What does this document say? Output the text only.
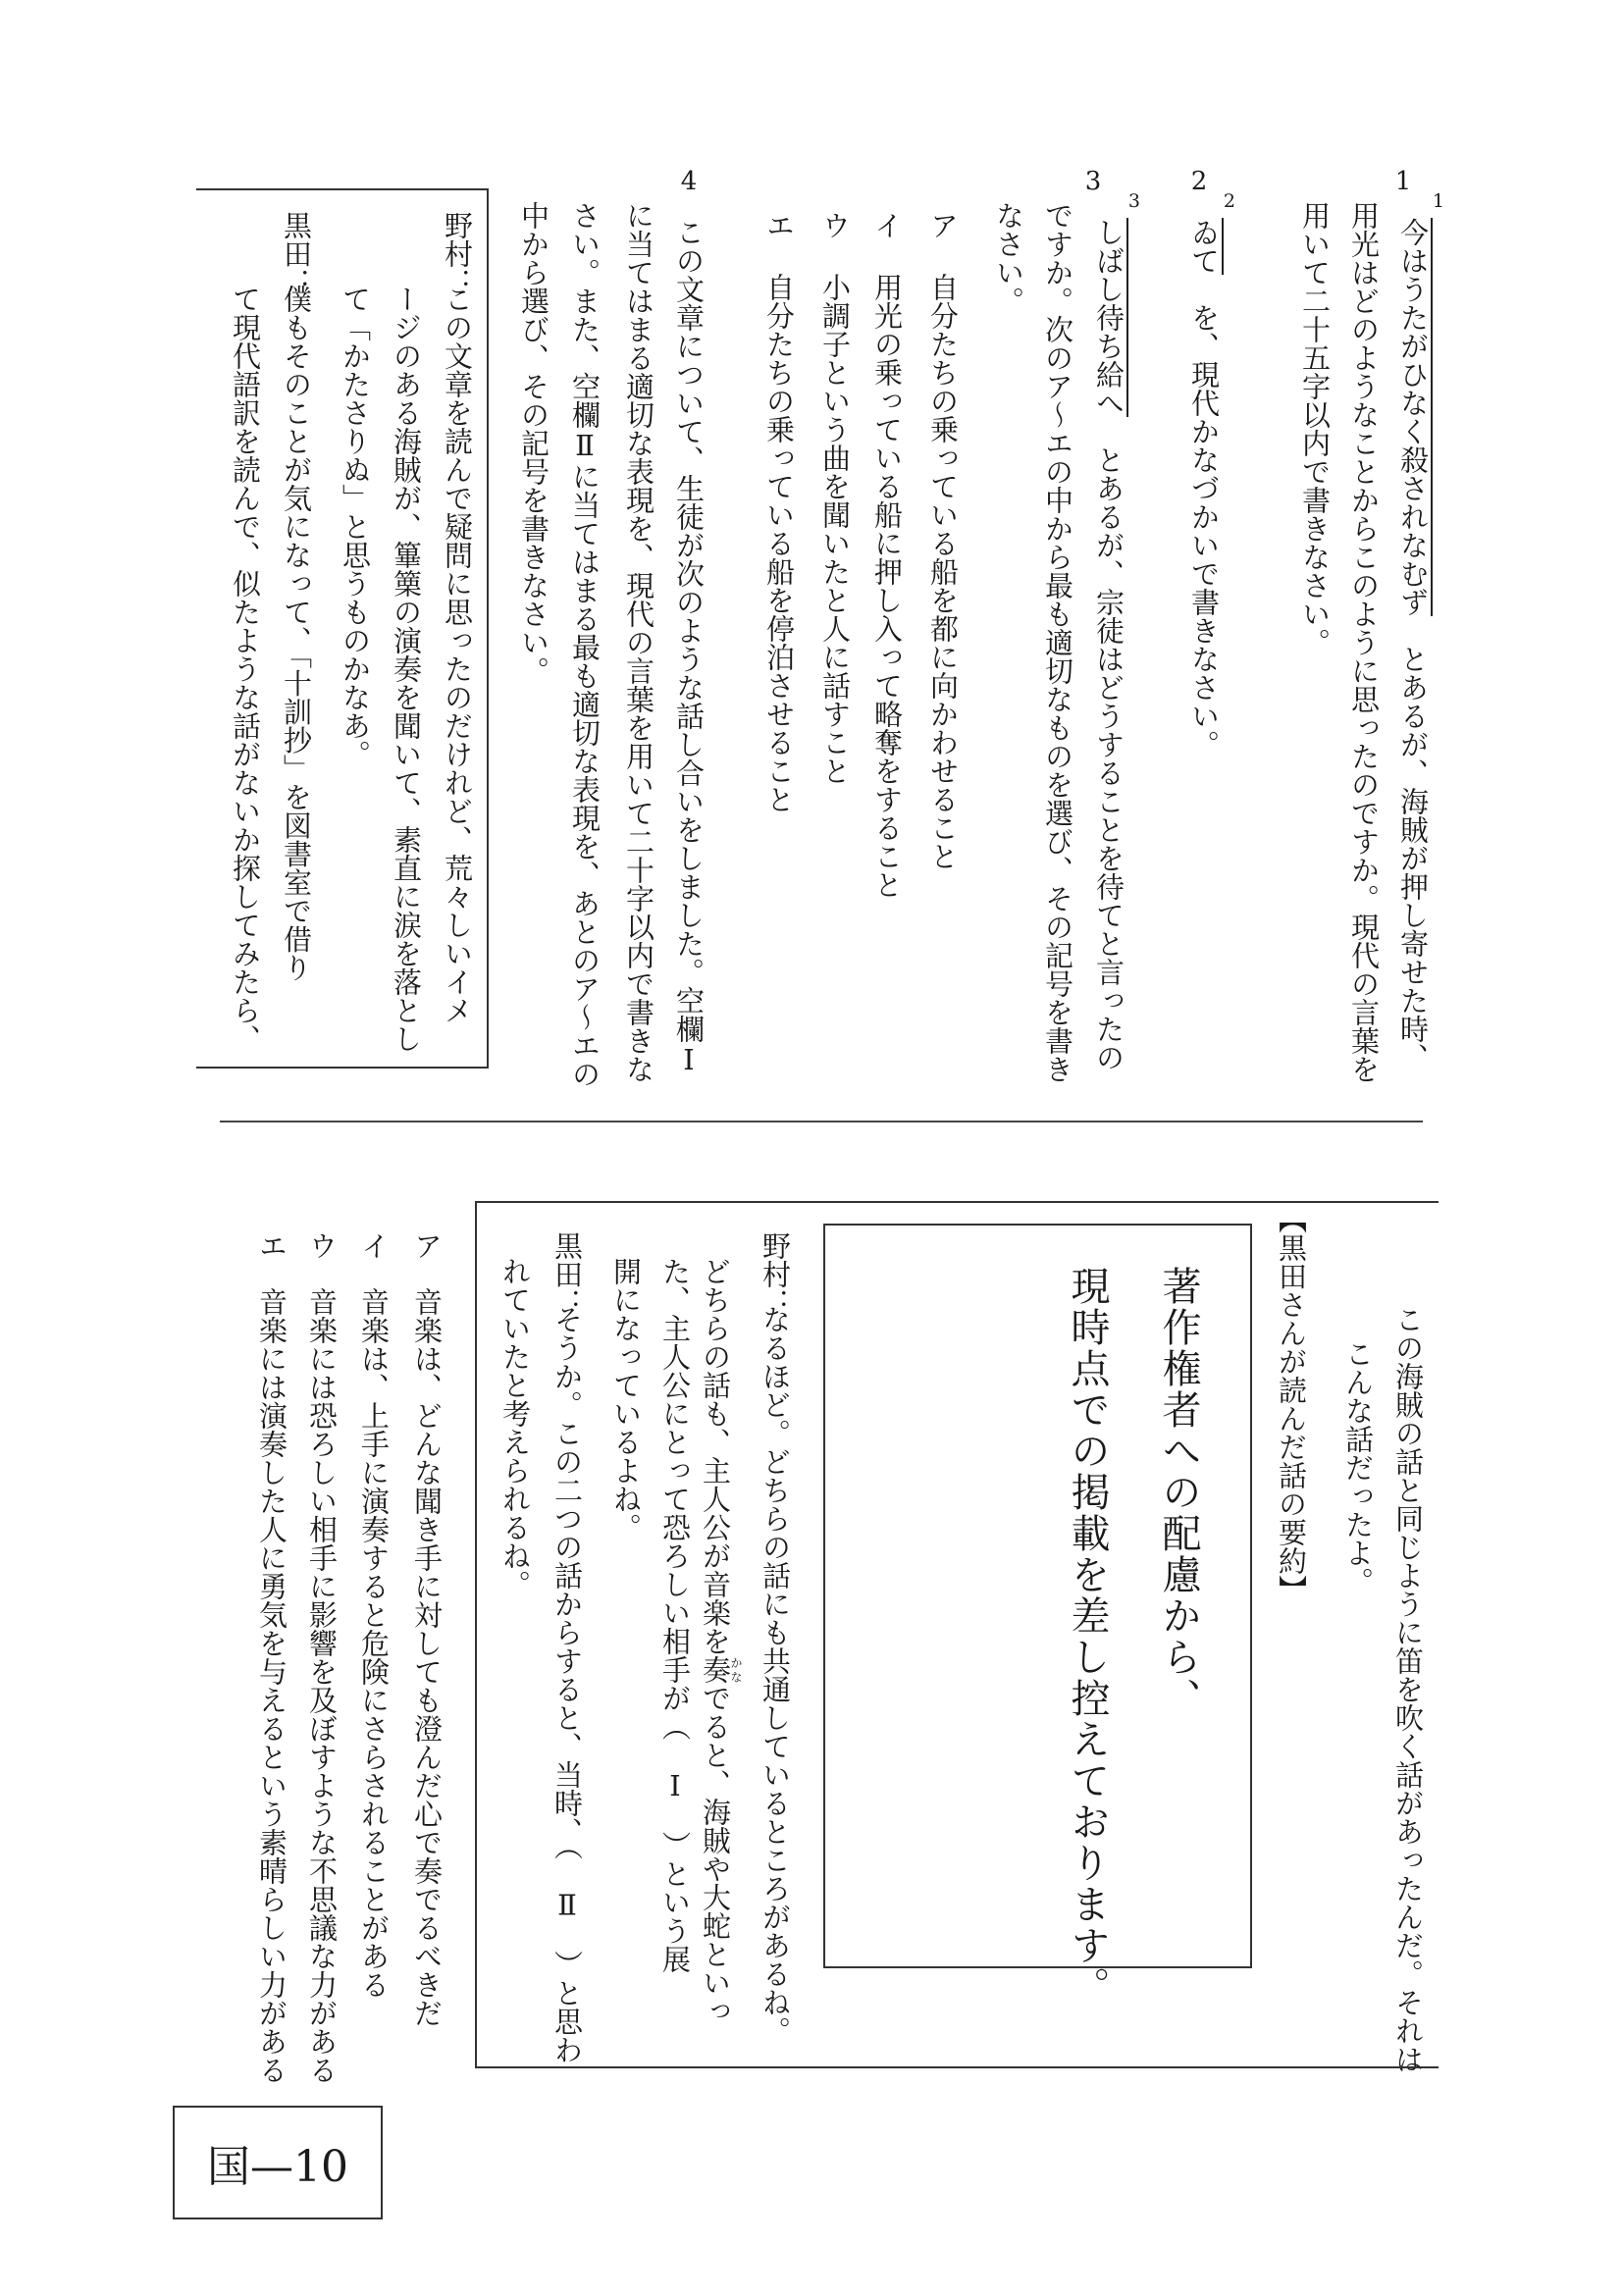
1
1
今はうたがひなく殺されなむず　とあるが、海賊が押し寄せた時、
用光はどのようなことからこのように思ったのですか。現代の言葉を
用いて二十五字以内で書きなさい。
2
2
ゐて　を、現代かなづかいで書きなさい。
3
3
しばし待ち給へ　とあるが、宗徒はどうすることを待てと言ったの
ですか。次のア～エの中から最も適切なものを選び、その記号を書き
なさい。
ア
自分たちの乗っている船を都に向かわせること
イ
用光の乗っている船に押し入って略奪をすること
ウ
小調子という曲を聞いたと人に話すこと
エ
自分たちの乗っている船を停泊させること
4
この文章について、生徒が次のような話し合いをしました。空欄Ⅰ
に当てはまる適切な表現を、現代の言葉を用いて二十字以内で書きな
さい。また、空欄Ⅱに当てはまる最も適切な表現を、あとのア～エの
中から選び、その記号を書きなさい。
野村：
この文章を読んで疑問に思ったのだけれど、荒々しいイメ
ージのある海賊が、篳篥の演奏を聞いて、素直に涙を落とし
て「かたさりぬ」と思うものかなあ。
黒田：
僕もそのことが気になって、「十訓抄」を図書室で借り
て現代語訳を読んで、似たような話がないか探してみたら、
この海賊の話と同じように笛を吹く話があったんだ。それは
こんな話だったよ。
【黒田さんが読んだ話の要約】
著作権者への配慮から、
現時点での掲載を差し控えております。
野村：
なるほど。どちらの話にも共通しているところがあるね。
どちらの話も、主人公が音楽を奏かなでると、海賊や大蛇といっ
た、主人公にとって恐ろしい相手が（　Ⅰ　）という展
開になっているよね。
黒田：
そうか。この二つの話からすると、当時、（　Ⅱ　）と思わ
れていたと考えられるね。
ア
音楽は、どんな聞き手に対しても澄んだ心で奏でるべきだ
イ
音楽は、上手に演奏すると危険にさらされることがある
ウ
音楽には恐ろしい相手に影響を及ぼすような不思議な力がある
エ
音楽には演奏した人に勇気を与えるという素晴らしい力がある
国—10
